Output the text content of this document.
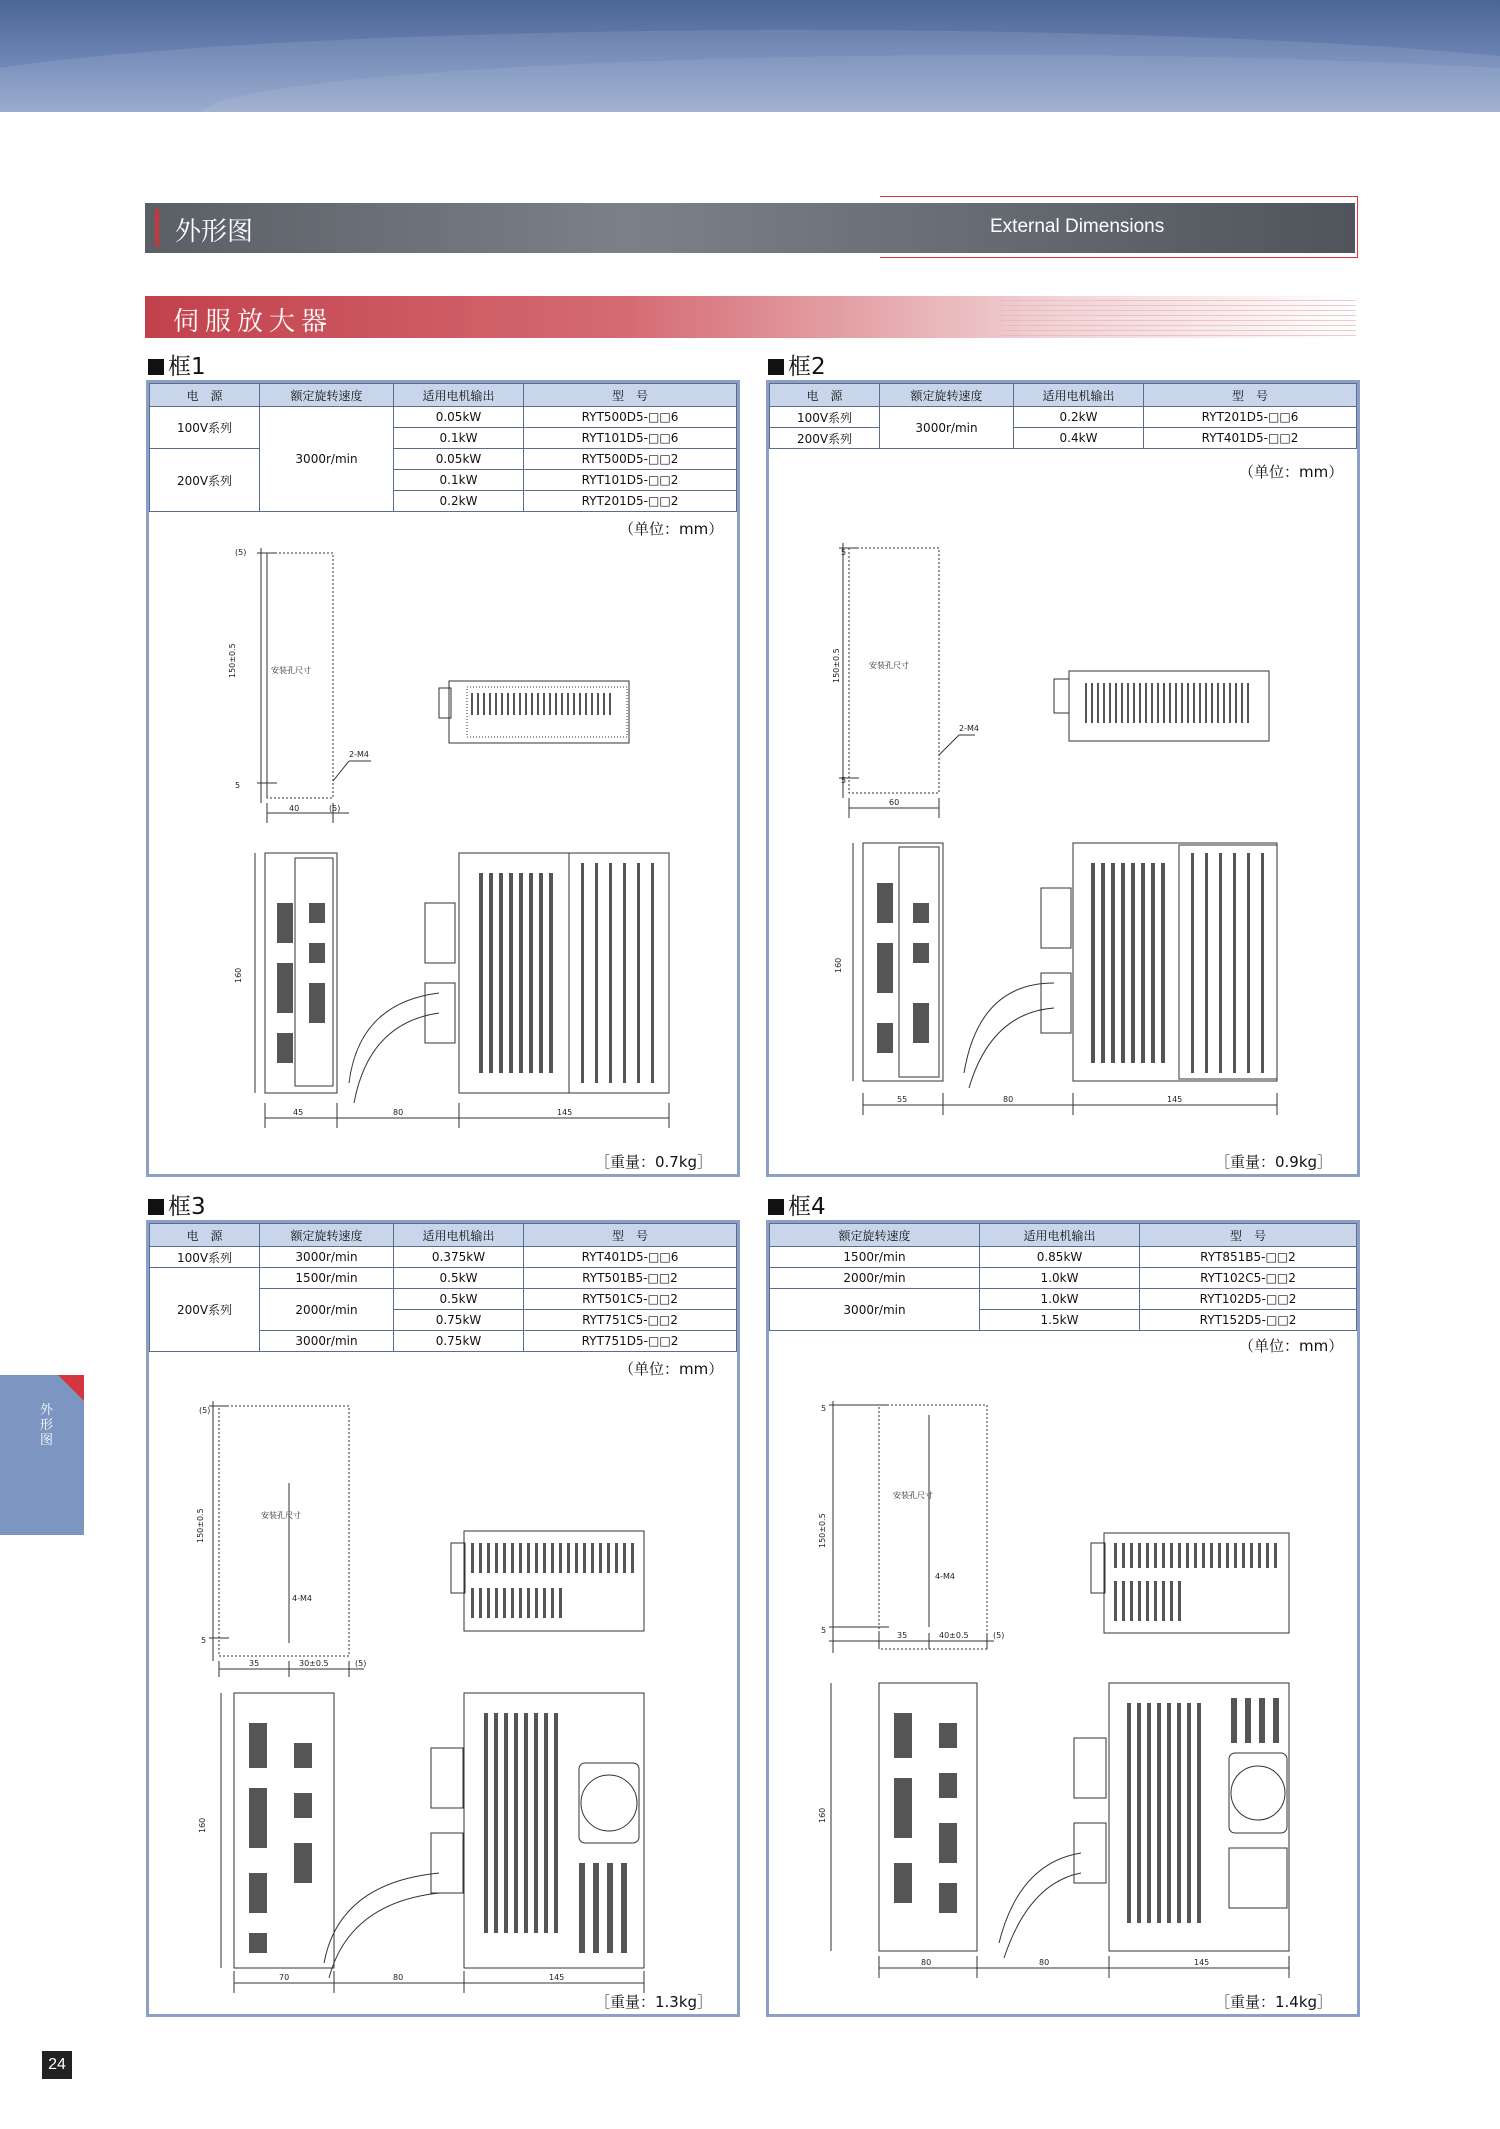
外形图	External Dimensions
伺服放大器
框1
电　源	额定旋转速度	适用电机输出	型　号
100V系列	3000r/min	0.05kW	RYT500D5-□□6
		0.1kW	RYT101D5-□□6
200V系列		0.05kW	RYT500D5-□□2
		0.1kW	RYT101D5-□□2
		0.2kW	RYT201D5-□□2
（单位：mm）
(5)
150±0.5	安装孔尺寸
2-M4
5
40	(5)
160
45	80	145
［重量：0.7kg］
框2
电　源	额定旋转速度	适用电机输出	型　号
100V系列	3000r/min	0.2kW	RYT201D5-□□6
200V系列		0.4kW	RYT401D5-□□2
（单位：mm）
5
150±0.5	安装孔尺寸
2-M4
5
60
160
55	80	145
［重量：0.9kg］
框3
电　源	额定旋转速度	适用电机输出	型　号
100V系列	3000r/min	0.375kW	RYT401D5-□□6
200V系列	1500r/min	0.5kW	RYT501B5-□□2
	2000r/min	0.5kW	RYT501C5-□□2
		0.75kW	RYT751C5-□□2
	3000r/min	0.75kW	RYT751D5-□□2
（单位：mm）
(5)
150±0.5	安装孔尺寸
4-M4
5
35	30±0.5	(5)
160
70	80	145
［重量：1.3kg］
框4
额定旋转速度	适用电机输出	型　号
1500r/min	0.85kW	RYT851B5-□□2
2000r/min	1.0kW	RYT102C5-□□2
3000r/min	1.0kW	RYT102D5-□□2
	1.5kW	RYT152D5-□□2
（单位：mm）
5
150±0.5
安装孔尺寸
4-M4
5
35	40±0.5	(5)
160
80	80	145
［重量：1.4kg］
外形图
24
